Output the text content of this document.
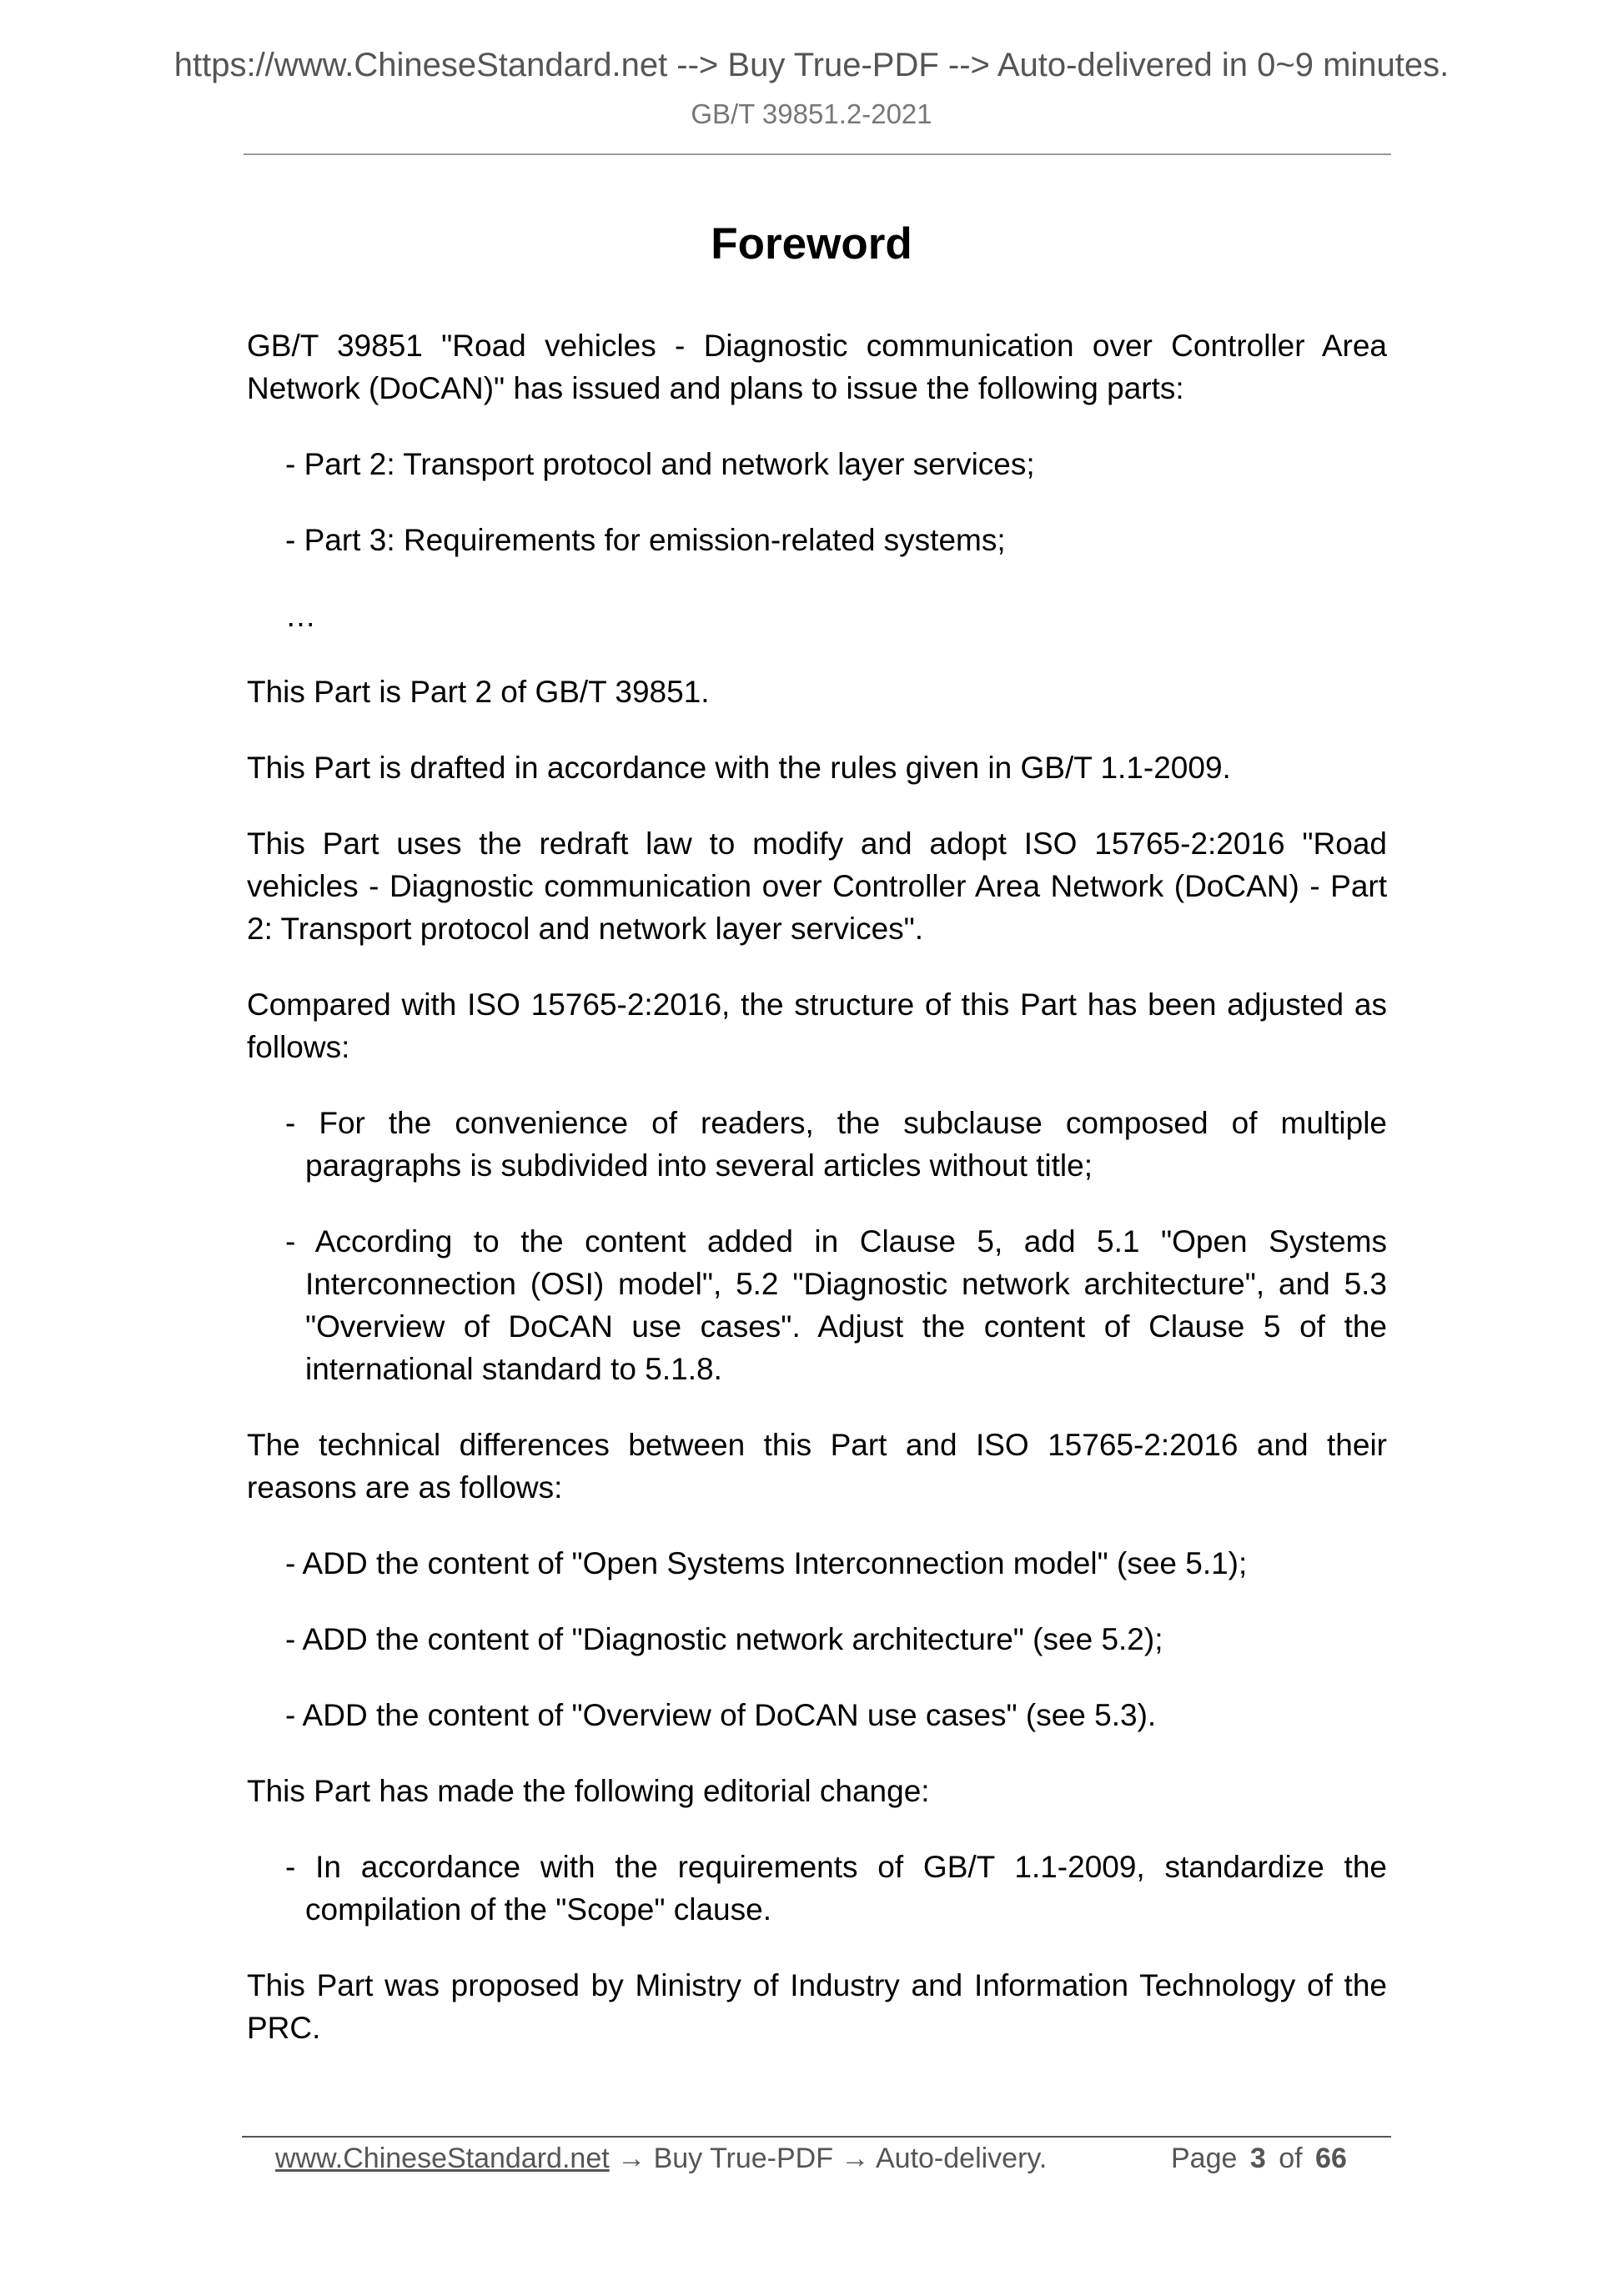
https://www.ChineseStandard.net --> Buy True-PDF --> Auto-delivered in 0~9 minutes.
GB/T 39851.2-2021
Foreword

GB/T 39851 "Road vehicles - Diagnostic communication over Controller Area Network (DoCAN)" has issued and plans to issue the following parts:

- Part 2: Transport protocol and network layer services;

- Part 3: Requirements for emission-related systems;

…

This Part is Part 2 of GB/T 39851.

This Part is drafted in accordance with the rules given in GB/T 1.1-2009.

This Part uses the redraft law to modify and adopt ISO 15765-2:2016 "Road vehicles - Diagnostic communication over Controller Area Network (DoCAN) - Part 2: Transport protocol and network layer services".

Compared with ISO 15765-2:2016, the structure of this Part has been adjusted as follows:

- For the convenience of readers, the subclause composed of multiple paragraphs is subdivided into several articles without title;

- According to the content added in Clause 5, add 5.1 "Open Systems Interconnection (OSI) model", 5.2 "Diagnostic network architecture", and 5.3 "Overview of DoCAN use cases". Adjust the content of Clause 5 of the international standard to 5.1.8.

The technical differences between this Part and ISO 15765-2:2016 and their reasons are as follows:

- ADD the content of "Open Systems Interconnection model" (see 5.1);

- ADD the content of "Diagnostic network architecture" (see 5.2);

- ADD the content of "Overview of DoCAN use cases" (see 5.3).

This Part has made the following editorial change:

- In accordance with the requirements of GB/T 1.1-2009, standardize the compilation of the "Scope" clause.

This Part was proposed by Ministry of Industry and Information Technology of the PRC.

www.ChineseStandard.net → Buy True-PDF → Auto-delivery.	Page 3 of 66
